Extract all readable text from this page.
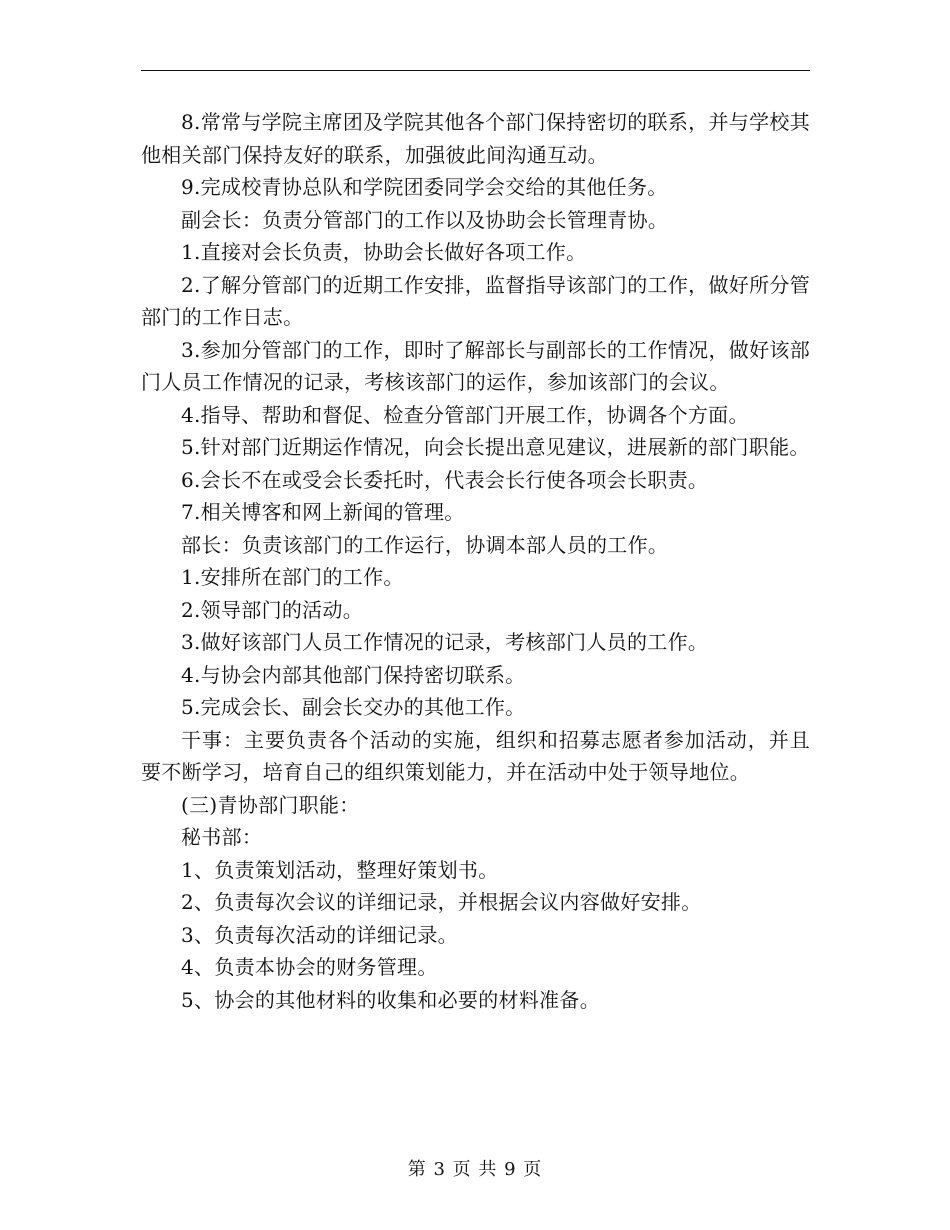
8.常常与学院主席团及学院其他各个部门保持密切的联系，并与学校其他相关部门保持友好的联系，加强彼此间沟通互动。

9.完成校青协总队和学院团委同学会交给的其他任务。

副会长：负责分管部门的工作以及协助会长管理青协。

1.直接对会长负责，协助会长做好各项工作。

2.了解分管部门的近期工作安排，监督指导该部门的工作，做好所分管部门的工作日志。

3.参加分管部门的工作，即时了解部长与副部长的工作情况，做好该部门人员工作情况的记录，考核该部门的运作，参加该部门的会议。

4.指导、帮助和督促、检查分管部门开展工作，协调各个方面。

5.针对部门近期运作情况，向会长提出意见建议，进展新的部门职能。

6.会长不在或受会长委托时，代表会长行使各项会长职责。

7.相关博客和网上新闻的管理。

部长：负责该部门的工作运行，协调本部人员的工作。

1.安排所在部门的工作。

2.领导部门的活动。

3.做好该部门人员工作情况的记录，考核部门人员的工作。

4.与协会内部其他部门保持密切联系。

5.完成会长、副会长交办的其他工作。

干事：主要负责各个活动的实施，组织和招募志愿者参加活动，并且要不断学习，培育自己的组织策划能力，并在活动中处于领导地位。

(三)青协部门职能：

秘书部：

1、负责策划活动，整理好策划书。

2、负责每次会议的详细记录，并根据会议内容做好安排。

3、负责每次活动的详细记录。

4、负责本协会的财务管理。

5、协会的其他材料的收集和必要的材料准备。

第 3 页 共 9 页
